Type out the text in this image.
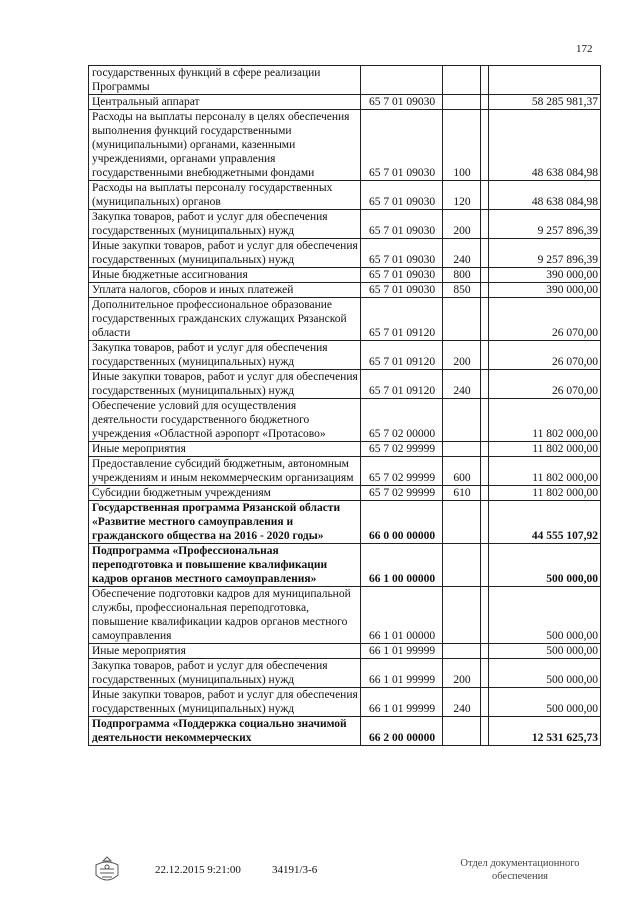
172
государственных функций в сфере реализации Программы				
Центральный аппарат	65 7 01 09030			58 285 981,37
Расходы на выплаты персоналу в целях обеспечения выполнения функций государственными (муниципальными) органами, казенными учреждениями, органами управления государственными внебюджетными фондами	65 7 01 09030	100		48 638 084,98
Расходы на выплаты персоналу государственных (муниципальных) органов	65 7 01 09030	120		48 638 084,98
Закупка товаров, работ и услуг для обеспечения государственных (муниципальных) нужд	65 7 01 09030	200		9 257 896,39
Иные закупки товаров, работ и услуг для обеспечения государственных (муниципальных) нужд	65 7 01 09030	240		9 257 896,39
Иные бюджетные ассигнования	65 7 01 09030	800		390 000,00
Уплата налогов, сборов и иных платежей	65 7 01 09030	850		390 000,00
Дополнительное профессиональное образование государственных гражданских служащих Рязанской области	65 7 01 09120			26 070,00
Закупка товаров, работ и услуг для обеспечения государственных (муниципальных) нужд	65 7 01 09120	200		26 070,00
Иные закупки товаров, работ и услуг для обеспечения государственных (муниципальных) нужд	65 7 01 09120	240		26 070,00
Обеспечение условий для осуществления деятельности государственного бюджетного учреждения «Областной аэропорт «Протасово»	65 7 02 00000			11 802 000,00
Иные мероприятия	65 7 02 99999			11 802 000,00
Предоставление субсидий бюджетным, автономным учреждениям и иным некоммерческим организациям	65 7 02 99999	600		11 802 000,00
Субсидии бюджетным учреждениям	65 7 02 99999	610		11 802 000,00
Государственная программа Рязанской области «Развитие местного самоуправления и гражданского общества на 2016 - 2020 годы»	66 0 00 00000			44 555 107,92
Подпрограмма «Профессиональная переподготовка и повышение квалификации кадров органов местного самоуправления»	66 1 00 00000			500 000,00
Обеспечение подготовки кадров для муниципальной службы, профессиональная переподготовка, повышение квалификации кадров органов местного самоуправления	66 1 01 00000			500 000,00
Иные мероприятия	66 1 01 99999			500 000,00
Закупка товаров, работ и услуг для обеспечения государственных (муниципальных) нужд	66 1 01 99999	200		500 000,00
Иные закупки товаров, работ и услуг для обеспечения государственных (муниципальных) нужд	66 1 01 99999	240		500 000,00
Подпрограмма «Поддержка социально значимой деятельности некоммерческих	66 2 00 00000			12 531 625,73
22.12.2015 9:21:00	34191/3-6
Отдел документационного обеспечения
